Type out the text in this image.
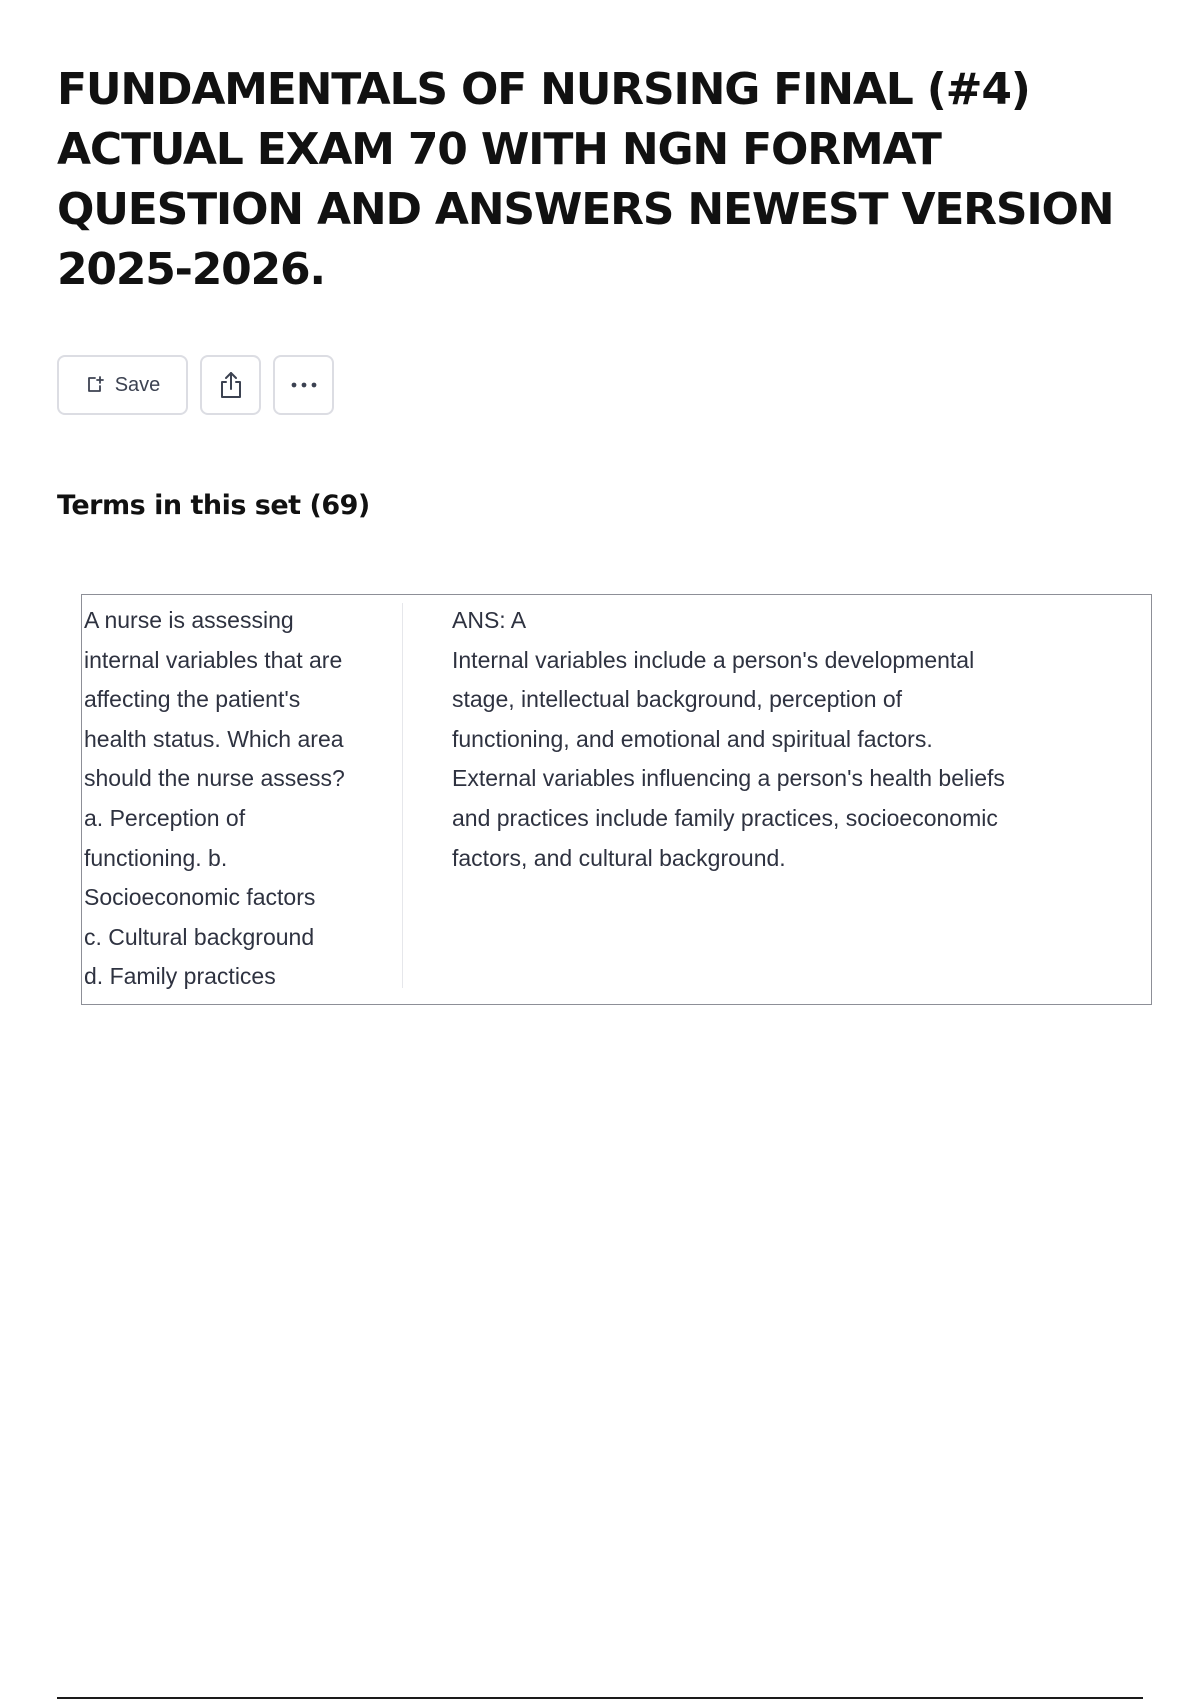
FUNDAMENTALS OF NURSING FINAL (#4)
ACTUAL EXAM 70 WITH NGN FORMAT
QUESTION AND ANSWERS NEWEST VERSION
2025-2026.
Save
Terms in this set (69)
A nurse is assessing
internal variables that are
affecting the patient's
health status. Which area
should the nurse assess?
a. Perception of
functioning. b.
Socioeconomic factors
c. Cultural background
d. Family practices
ANS: A
Internal variables include a person's developmental
stage, intellectual background, perception of
functioning, and emotional and spiritual factors.
External variables influencing a person's health beliefs
and practices include family practices, socioeconomic
factors, and cultural background.
